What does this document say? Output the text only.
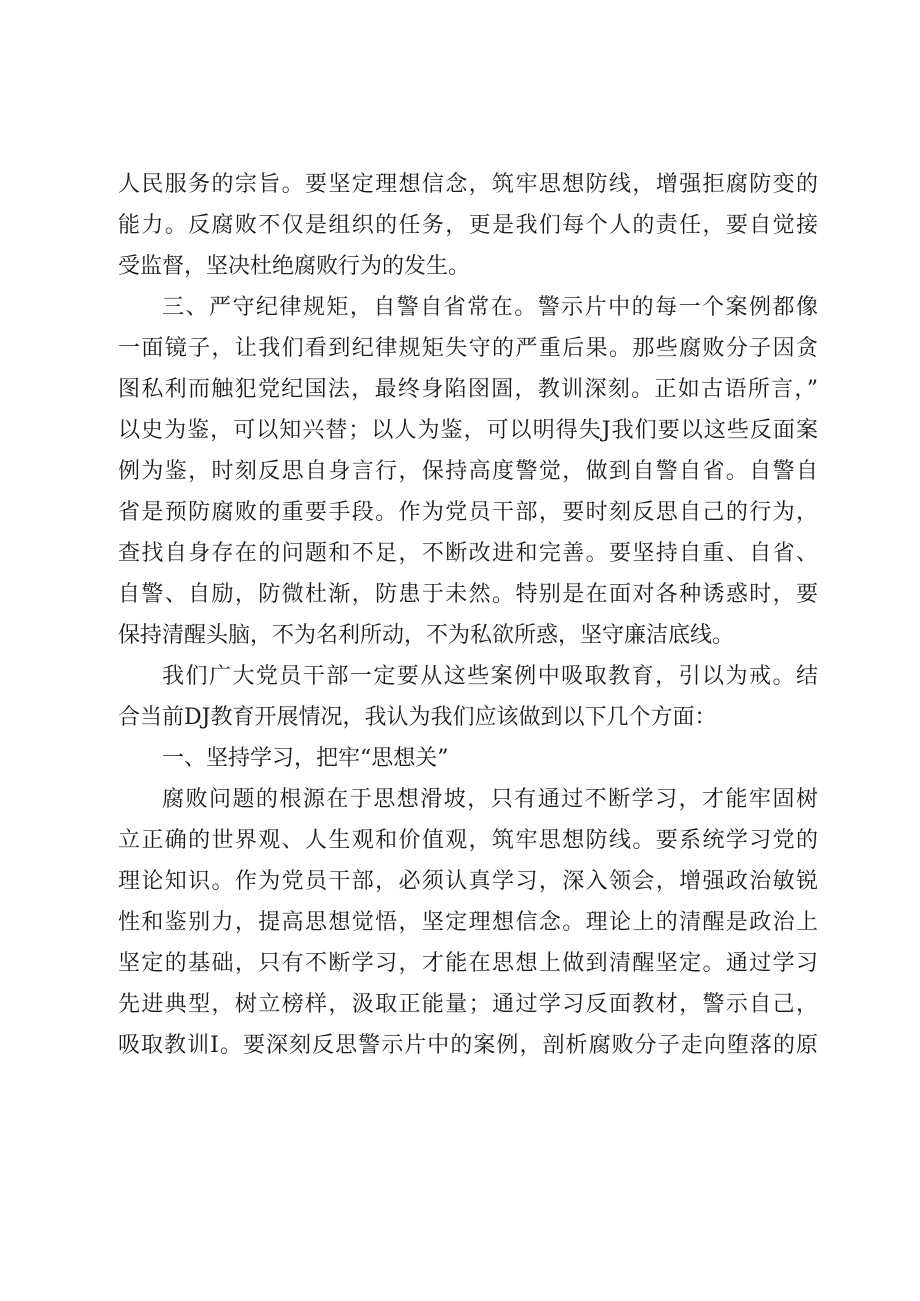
人民服务的宗旨。要坚定理想信念，筑牢思想防线，增强拒腐防变的
能力。反腐败不仅是组织的任务，更是我们每个人的责任，要自觉接
受监督，坚决杜绝腐败行为的发生。
三、严守纪律规矩，自警自省常在。警示片中的每一个案例都像
一面镜子，让我们看到纪律规矩失守的严重后果。那些腐败分子因贪
图私利而触犯党纪国法，最终身陷囹圄，教训深刻。正如古语所言，”
以史为鉴，可以知兴替；以人为鉴，可以明得失J我们要以这些反面案
例为鉴，时刻反思自身言行，保持高度警觉，做到自警自省。自警自
省是预防腐败的重要手段。作为党员干部，要时刻反思自己的行为，
查找自身存在的问题和不足，不断改进和完善。要坚持自重、自省、
自警、自励，防微杜渐，防患于未然。特别是在面对各种诱惑时，要
保持清醒头脑，不为名利所动，不为私欲所惑，坚守廉洁底线。
我们广大党员干部一定要从这些案例中吸取教育，引以为戒。结
合当前DJ教育开展情况，我认为我们应该做到以下几个方面：
一、坚持学习，把牢“思想关”
腐败问题的根源在于思想滑坡，只有通过不断学习，才能牢固树
立正确的世界观、人生观和价值观，筑牢思想防线。要系统学习党的
理论知识。作为党员干部，必须认真学习，深入领会，增强政治敏锐
性和鉴别力，提高思想觉悟，坚定理想信念。理论上的清醒是政治上
坚定的基础，只有不断学习，才能在思想上做到清醒坚定。通过学习
先进典型，树立榜样，汲取正能量；通过学习反面教材，警示自己，
吸取教训I。要深刻反思警示片中的案例，剖析腐败分子走向堕落的原
